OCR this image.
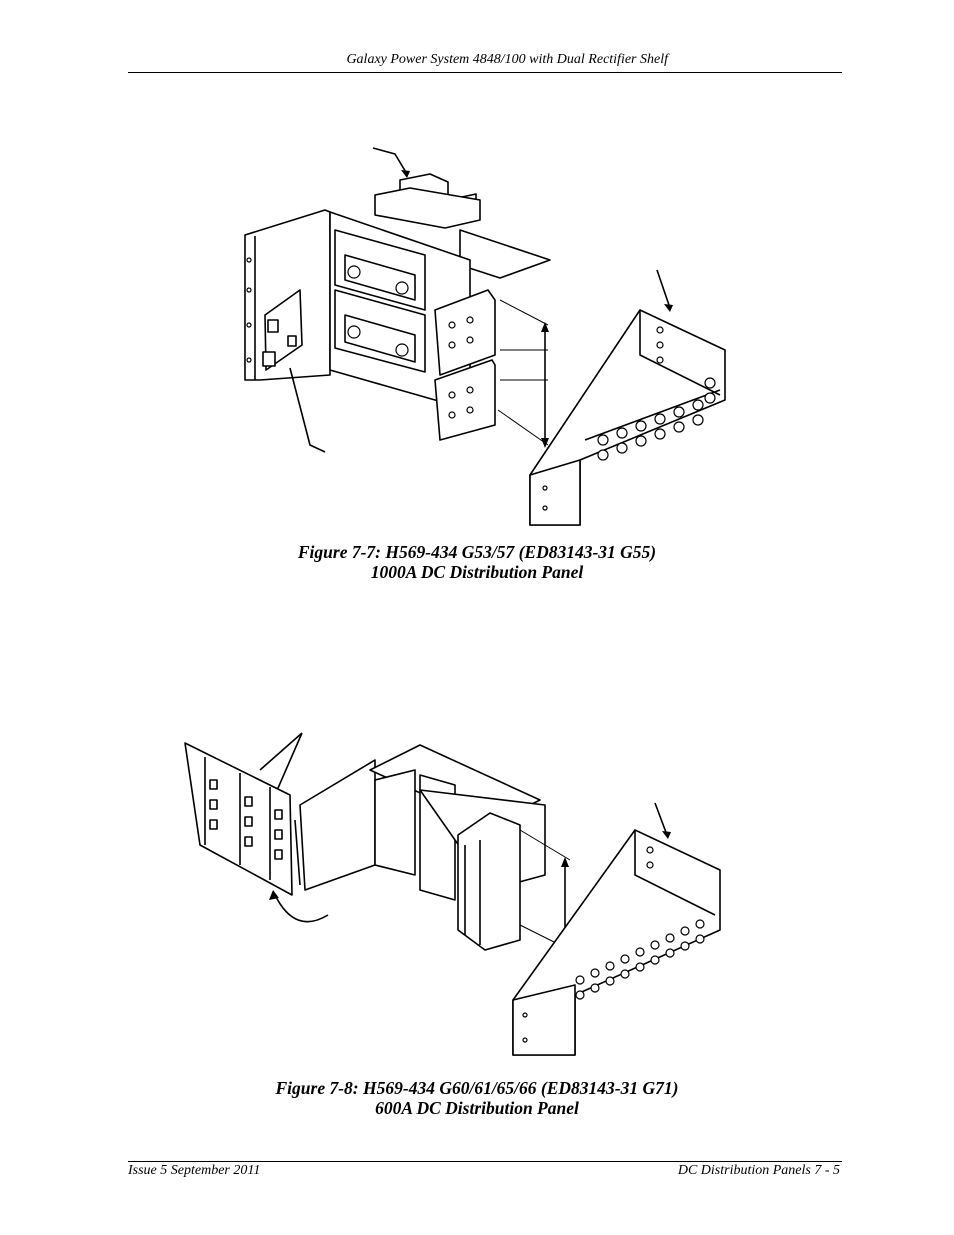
Galaxy Power System 4848/100 with Dual Rectifier Shelf
Figure 7-7: H569-434 G53/57 (ED83143-31 G55)
1000A DC Distribution Panel
Figure 7-8: H569-434 G60/61/65/66 (ED83143-31 G71)
600A DC Distribution Panel
Issue 5 September 2011	DC Distribution Panels 7 - 5
